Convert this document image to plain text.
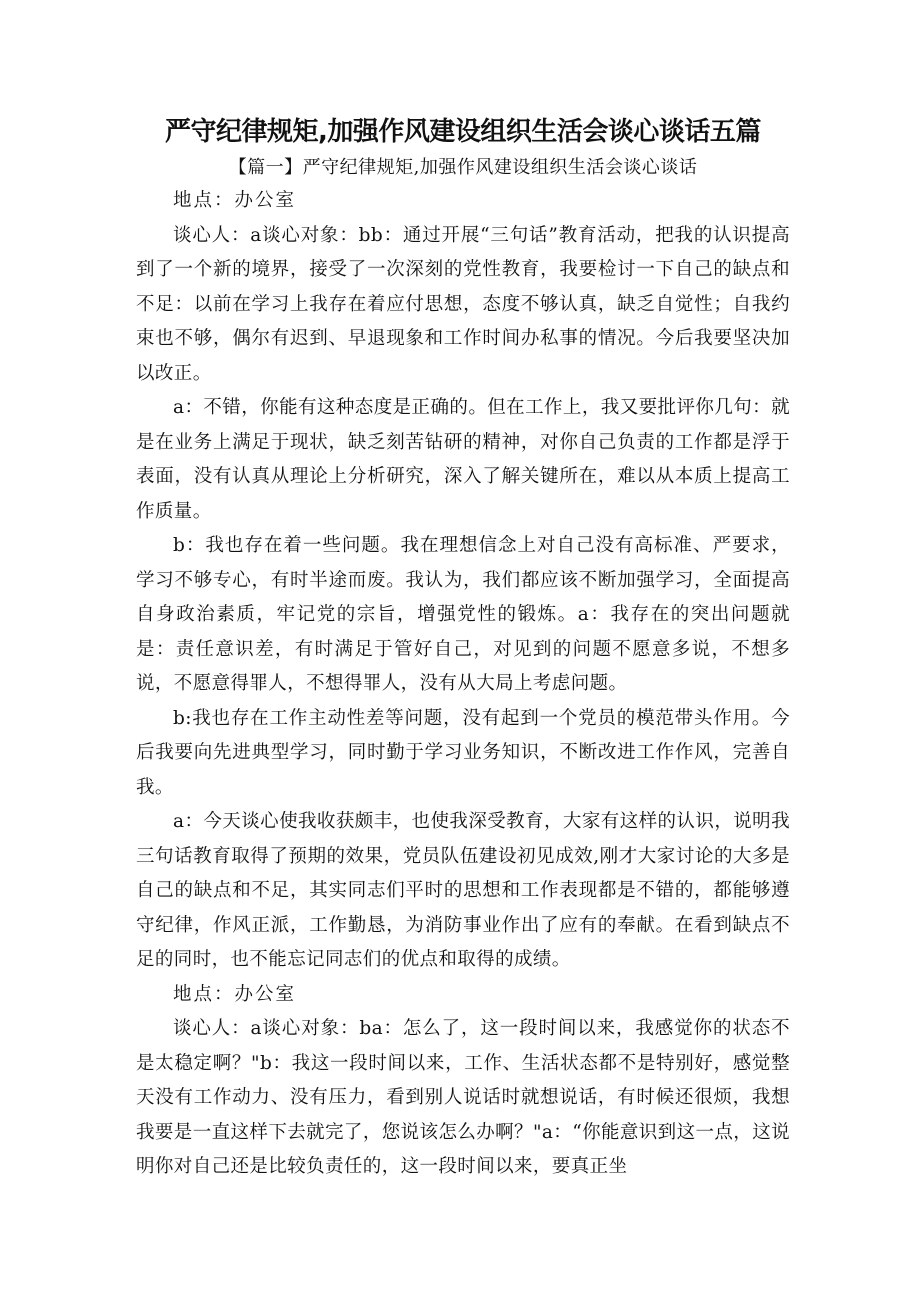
严守纪律规矩,加强作风建设组织生活会谈心谈话五篇
【篇一】严守纪律规矩,加强作风建设组织生活会谈心谈话

地点：办公室

谈心人：a谈心对象：bb：通过开展“三句话”教育活动，把我的认识提高到了一个新的境界，接受了一次深刻的党性教育，我要检讨一下自己的缺点和不足：以前在学习上我存在着应付思想，态度不够认真，缺乏自觉性；自我约束也不够，偶尔有迟到、早退现象和工作时间办私事的情况。今后我要坚决加以改正。

a：不错，你能有这种态度是正确的。但在工作上，我又要批评你几句：就是在业务上满足于现状，缺乏刻苦钻研的精神，对你自己负责的工作都是浮于表面，没有认真从理论上分析研究，深入了解关键所在，难以从本质上提高工作质量。

b：我也存在着一些问题。我在理想信念上对自己没有高标准、严要求，学习不够专心，有时半途而废。我认为，我们都应该不断加强学习，全面提高自身政治素质，牢记党的宗旨，增强党性的锻炼。a：我存在的突出问题就是：责任意识差，有时满足于管好自己，对见到的问题不愿意多说，不想多说，不愿意得罪人，不想得罪人，没有从大局上考虑问题。

b:我也存在工作主动性差等问题，没有起到一个党员的模范带头作用。今后我要向先进典型学习，同时勤于学习业务知识，不断改进工作作风，完善自我。

a：今天谈心使我收获颇丰，也使我深受教育，大家有这样的认识，说明我三句话教育取得了预期的效果，党员队伍建设初见成效,刚才大家讨论的大多是自己的缺点和不足，其实同志们平时的思想和工作表现都是不错的，都能够遵守纪律，作风正派，工作勤恳，为消防事业作出了应有的奉献。在看到缺点不足的同时，也不能忘记同志们的优点和取得的成绩。

地点：办公室

谈心人：a谈心对象：ba：怎么了，这一段时间以来，我感觉你的状态不是太稳定啊？"b：我这一段时间以来，工作、生活状态都不是特别好，感觉整天没有工作动力、没有压力，看到别人说话时就想说话，有时候还很烦，我想我要是一直这样下去就完了，您说该怎么办啊？"a：“你能意识到这一点，这说明你对自己还是比较负责任的，这一段时间以来，要真正坐
